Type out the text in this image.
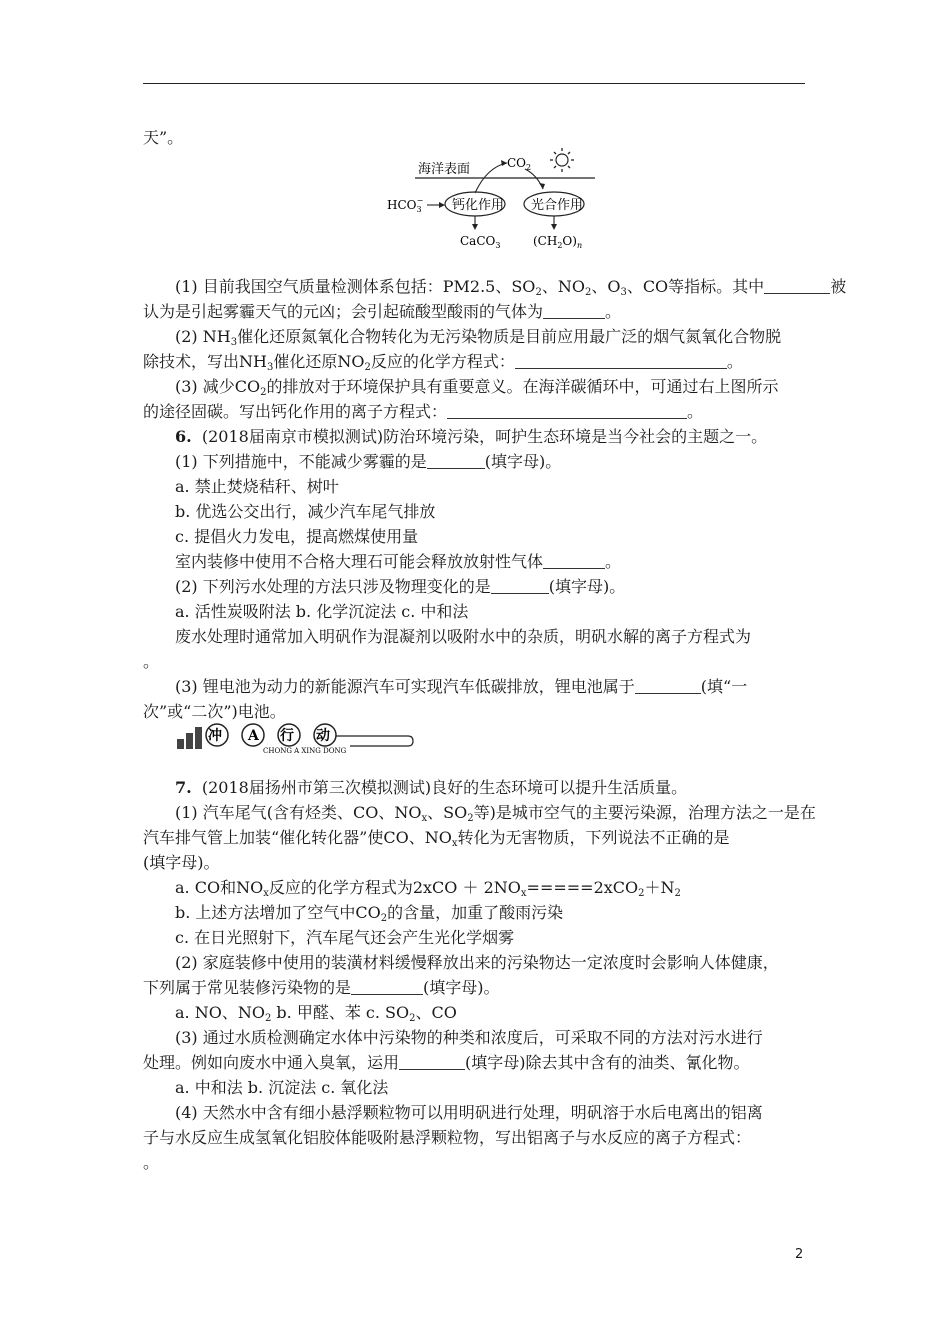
天”。
海洋表面	$CO_2$
$HCO_3-$ 钙化作用 光合作用
CaCO$_3$	$(CH_2O)_n$
(1) 目前我国空气质量检测体系包括：PM2.5、$SO_2$、$NO_2$、$O_3$、CO等指标。其中	被
认为是引起雾霾天气的元凶；会引起硫酸型酸雨的气体为	。
(2) $NH_3$催化还原氮氧化合物转化为无污染物质是目前应用最广泛的烟气氮氧化合物脱
除技术，写出$NH_3$催化还原$NO_2$反应的化学方程式：	。
(3) 减少$CO_2$的排放对于环境保护具有重要意义。在海洋碳循环中，可通过右上图所示
的途径固碳。写出钙化作用的离子方程式：	。
6. (2018届南京市模拟测试)防治环境污染，呵护生态环境是当今社会的主题之一。
(1) 下列措施中，不能减少雾霾的是	(填字母)。
a. 禁止焚烧秸秆、树叶
b. 优选公交出行，减少汽车尾气排放
c. 提倡火力发电，提高燃煤使用量
室内装修中使用不合格大理石可能会释放放射性气体	。
(2) 下列污水处理的方法只涉及物理变化的是	(填字母)。
a. 活性炭吸附法 b. 化学沉淀法 c. 中和法
废水处理时通常加入明矾作为混凝剂以吸附水中的杂质，明矾水解的离子方程式为
。
(3) 锂电池为动力的新能源汽车可实现汽车低碳排放，锂电池属于	(填“一
次”或“二次”)电池。
冲 A 行 动
CHONG A XING DONG
7. (2018届扬州市第三次模拟测试)良好的生态环境可以提升生活质量。
(1) 汽车尾气(含有烃类、CO、$NO_x$、$SO_2$等)是城市空气的主要污染源，治理方法之一是在
汽车排气管上加装“催化转化器”使CO、$NO_x$转化为无害物质，下列说法不正确的是
(填字母)。
a. CO和$NO_x$反应的化学方程式为$2xCO + 2NO_x=====2xCO_2+N_2$
b. 上述方法增加了空气中$CO_2$的含量，加重了酸雨污染
c. 在日光照射下，汽车尾气还会产生光化学烟雾
(2) 家庭装修中使用的装潢材料缓慢释放出来的污染物达一定浓度时会影响人体健康，
下列属于常见装修污染物的是	(填字母)。
a. NO、$NO_2$ b. 甲醛、苯 c. $SO_2$、CO
(3) 通过水质检测确定水体中污染物的种类和浓度后，可采取不同的方法对污水进行
处理。例如向废水中通入臭氧，运用	(填字母)除去其中含有的油类、氰化物。
a. 中和法 b. 沉淀法 c. 氧化法
(4) 天然水中含有细小悬浮颗粒物可以用明矾进行处理，明矾溶于水后电离出的铝离
子与水反应生成氢氧化铝胶体能吸附悬浮颗粒物，写出铝离子与水反应的离子方程式：
。
2
